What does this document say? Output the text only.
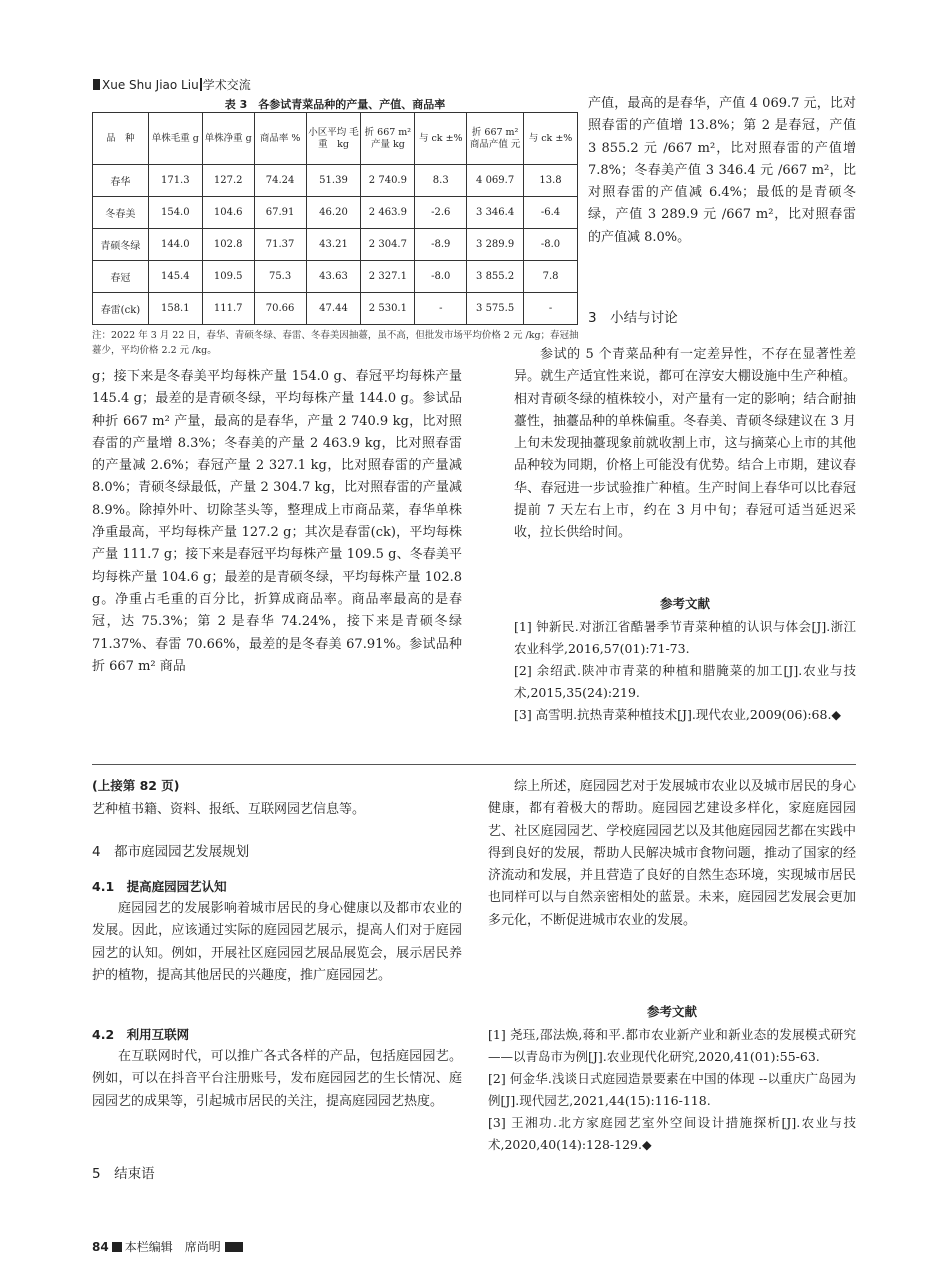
Xue Shu Jiao Liu 学术交流
表 3　各参试青菜品种的产量、产值、商品率
品　种	单株毛重 g	单株净重 g	商品率 %	小区平均 毛重　kg	折 667 m² 产量 kg	与 ck ±%	折 667 m² 商品产值 元	与 ck ±%
春华	171.3	127.2	74.24	51.39	2 740.9	8.3	4 069.7	13.8
冬春美	154.0	104.6	67.91	46.20	2 463.9	-2.6	3 346.4	-6.4
青硕冬绿	144.0	102.8	71.37	43.21	2 304.7	-8.9	3 289.9	-8.0
春冠	145.4	109.5	75.3	43.63	2 327.1	-8.0	3 855.2	7.8
春雷(ck)	158.1	111.7	70.66	47.44	2 530.1	-	3 575.5	-
注：2022 年 3 月 22 日，春华、青硕冬绿、春雷、冬春美因抽薹，虽不高，但批发市场平均价格 2 元 /kg；春冠抽薹少，平均价格 2.2 元 /kg。
g；接下来是冬春美平均每株产量 154.0 g、春冠平均每株产量 145.4 g；最差的是青硕冬绿，平均每株产量 144.0 g。参试品种折 667 m² 产量，最高的是春华，产量 2 740.9 kg，比对照春雷的产量增 8.3%；冬春美的产量 2 463.9 kg，比对照春雷的产量减 2.6%；春冠产量 2 327.1 kg，比对照春雷的产量减 8.0%；青硕冬绿最低，产量 2 304.7 kg，比对照春雷的产量减 8.9%。除掉外叶、切除茎头等，整理成上市商品菜，春华单株净重最高，平均每株产量 127.2 g；其次是春雷(ck)，平均每株产量 111.7 g；接下来是春冠平均每株产量 109.5 g、冬春美平均每株产量 104.6 g；最差的是青硕冬绿，平均每株产量 102.8 g。净重占毛重的百分比，折算成商品率。商品率最高的是春冠，达 75.3%；第 2 是春华 74.24%，接下来是青硕冬绿 71.37%、春雷 70.66%，最差的是冬春美 67.91%。参试品种折 667 m² 商品
产值，最高的是春华，产值 4 069.7 元，比对照春雷的产值增 13.8%；第 2 是春冠，产值 3 855.2 元 /667 m²，比对照春雷的产值增 7.8%；冬春美产值 3 346.4 元 /667 m²，比对照春雷的产值减 6.4%；最低的是青硕冬绿，产值 3 289.9 元 /667 m²，比对照春雷的产值减 8.0%。
3　小结与讨论
参试的 5 个青菜品种有一定差异性，不存在显著性差异。就生产适宜性来说，都可在淳安大棚设施中生产种植。相对青硕冬绿的植株较小，对产量有一定的影响；结合耐抽薹性，抽薹品种的单株偏重。冬春美、青硕冬绿建议在 3 月上旬未发现抽薹现象前就收割上市，这与摘菜心上市的其他品种较为同期，价格上可能没有优势。结合上市期，建议春华、春冠进一步试验推广种植。生产时间上春华可以比春冠提前 7 天左右上市，约在 3 月中旬；春冠可适当延迟采收，拉长供给时间。
参考文献
[1] 钟新民.对浙江省酷暑季节青菜种植的认识与体会[J].浙江农业科学,2016,57(01):71-73.
[2] 余绍武.陕冲市青菜的种植和腊腌菜的加工[J].农业与技术,2015,35(24):219.
[3] 高雪明.抗热青菜种植技术[J].现代农业,2009(06):68.◆
(上接第 82 页)
艺种植书籍、资料、报纸、互联网园艺信息等。
4　都市庭园园艺发展规划
4.1　提高庭园园艺认知
庭园园艺的发展影响着城市居民的身心健康以及都市农业的发展。因此，应该通过实际的庭园园艺展示，提高人们对于庭园园艺的认知。例如，开展社区庭园园艺展品展览会，展示居民养护的植物，提高其他居民的兴趣度，推广庭园园艺。
4.2　利用互联网
在互联网时代，可以推广各式各样的产品，包括庭园园艺。例如，可以在抖音平台注册账号，发布庭园园艺的生长情况、庭园园艺的成果等，引起城市居民的关注，提高庭园园艺热度。
5　结束语
综上所述，庭园园艺对于发展城市农业以及城市居民的身心健康，都有着极大的帮助。庭园园艺建设多样化，家庭庭园园艺、社区庭园园艺、学校庭园园艺以及其他庭园园艺都在实践中得到良好的发展，帮助人民解决城市食物问题，推动了国家的经济流动和发展，并且营造了良好的自然生态环境，实现城市居民也同样可以与自然亲密相处的蓝景。未来，庭园园艺发展会更加多元化，不断促进城市农业的发展。
参考文献
[1] 尧珏,邵法焕,蒋和平.都市农业新产业和新业态的发展模式研究——以青岛市为例[J].农业现代化研究,2020,41(01):55-63.
[2] 何金华.浅谈日式庭园造景要素在中国的体现 --以重庆广岛园为例[J].现代园艺,2021,44(15):116-118.
[3] 王湘功.北方家庭园艺室外空间设计措施探析[J].农业与技术,2020,40(14):128-129.◆
84 本栏编辑　席尚明
